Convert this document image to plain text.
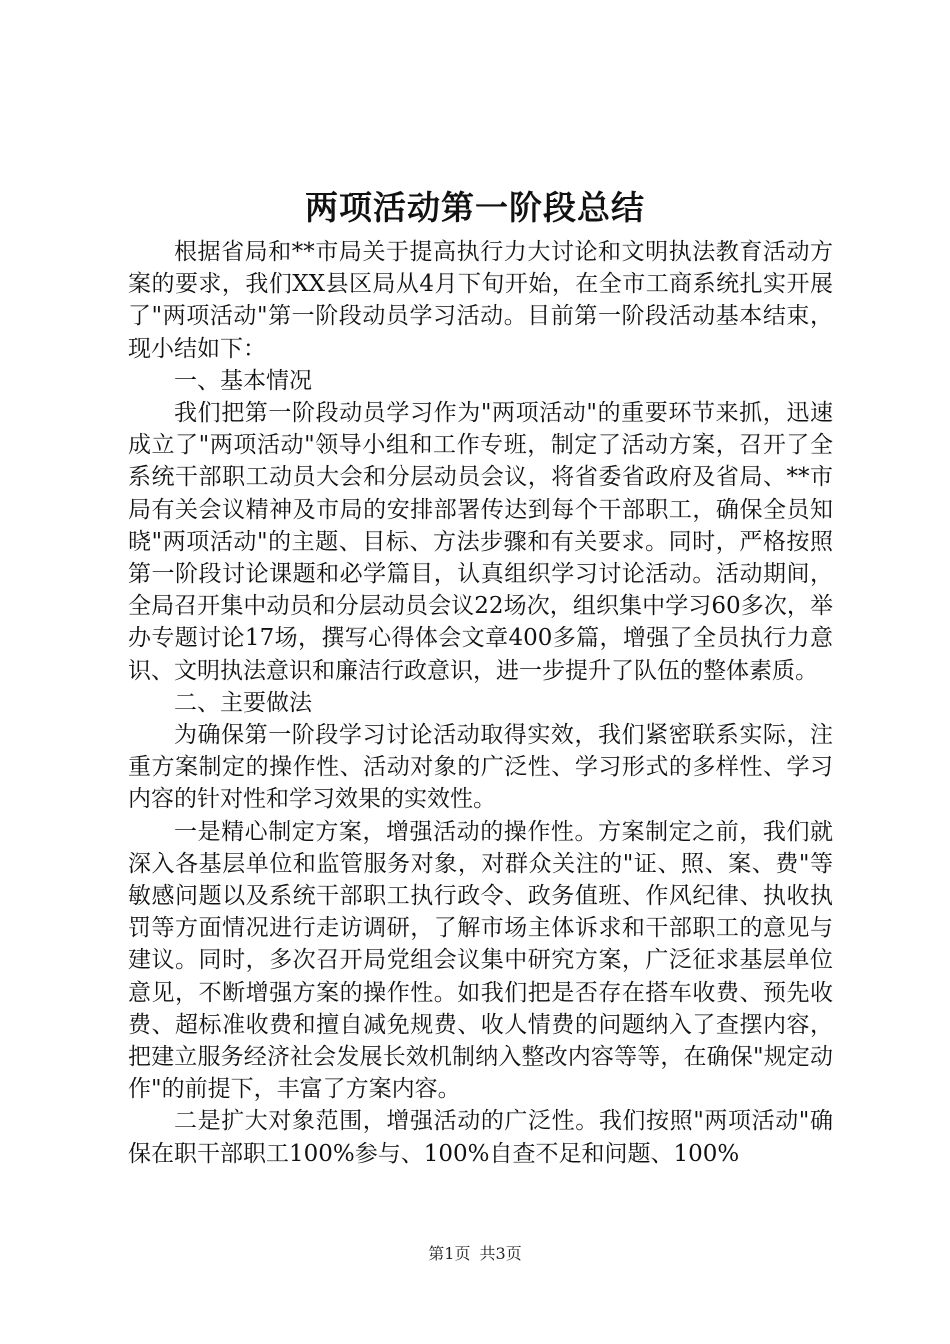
两项活动第一阶段总结

根据省局和**市局关于提高执行力大讨论和文明执法教育活动方案的要求，我们XX县区局从4月下旬开始，在全市工商系统扎实开展了"两项活动"第一阶段动员学习活动。目前第一阶段活动基本结束，现小结如下：

一、基本情况

我们把第一阶段动员学习作为"两项活动"的重要环节来抓，迅速成立了"两项活动"领导小组和工作专班，制定了活动方案，召开了全系统干部职工动员大会和分层动员会议，将省委省政府及省局、**市局有关会议精神及市局的安排部署传达到每个干部职工，确保全员知晓"两项活动"的主题、目标、方法步骤和有关要求。同时，严格按照第一阶段讨论课题和必学篇目，认真组织学习讨论活动。活动期间，全局召开集中动员和分层动员会议22场次，组织集中学习60多次，举办专题讨论17场，撰写心得体会文章400多篇，增强了全员执行力意识、文明执法意识和廉洁行政意识，进一步提升了队伍的整体素质。

二、主要做法

为确保第一阶段学习讨论活动取得实效，我们紧密联系实际，注重方案制定的操作性、活动对象的广泛性、学习形式的多样性、学习内容的针对性和学习效果的实效性。

一是精心制定方案，增强活动的操作性。方案制定之前，我们就深入各基层单位和监管服务对象，对群众关注的"证、照、案、费"等敏感问题以及系统干部职工执行政令、政务值班、作风纪律、执收执罚等方面情况进行走访调研，了解市场主体诉求和干部职工的意见与建议。同时，多次召开局党组会议集中研究方案，广泛征求基层单位意见，不断增强方案的操作性。如我们把是否存在搭车收费、预先收费、超标准收费和擅自减免规费、收人情费的问题纳入了查摆内容，把建立服务经济社会发展长效机制纳入整改内容等等，在确保"规定动作"的前提下，丰富了方案内容。

二是扩大对象范围，增强活动的广泛性。我们按照"两项活动"确保在职干部职工100%参与、100%自查不足和问题、100%

第1页 共3页
